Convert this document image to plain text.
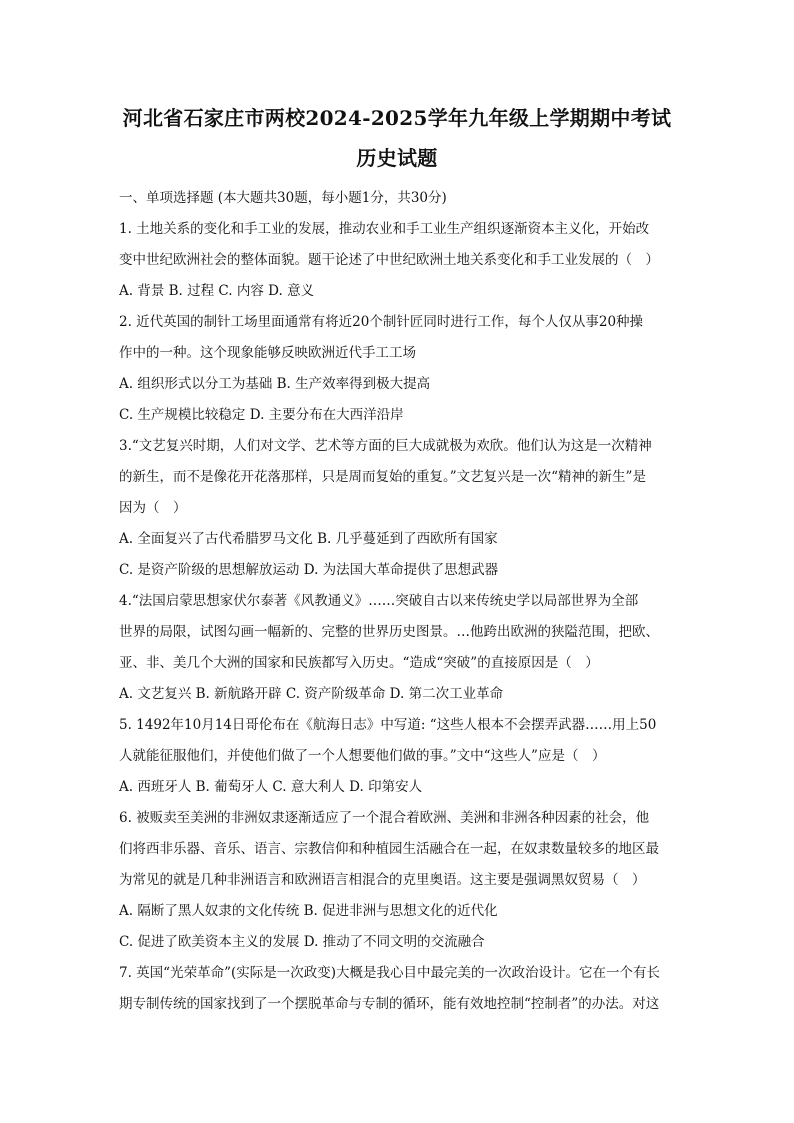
河北省石家庄市两校2024-2025学年九年级上学期期中考试
历史试题
一、单项选择题 (本大题共30题，每小题1分，共30分)
1. 土地关系的变化和手工业的发展，推动农业和手工业生产组织逐渐资本主义化，开始改
变中世纪欧洲社会的整体面貌。题干论述了中世纪欧洲土地关系变化和手工业发展的（　）
A. 背景 B. 过程 C. 内容 D. 意义
2. 近代英国的制针工场里面通常有将近20个制针匠同时进行工作，每个人仅从事20种操
作中的一种。这个现象能够反映欧洲近代手工工场
A. 组织形式以分工为基础 B. 生产效率得到极大提高
C. 生产规模比较稳定 D. 主要分布在大西洋沿岸
3.“文艺复兴时期，人们对文学、艺术等方面的巨大成就极为欢欣。他们认为这是一次精神
的新生，而不是像花开花落那样，只是周而复始的重复。”文艺复兴是一次“精神的新生”是
因为（　）
A. 全面复兴了古代希腊罗马文化 B. 几乎蔓延到了西欧所有国家
C. 是资产阶级的思想解放运动 D. 为法国大革命提供了思想武器
4.“法国启蒙思想家伏尔泰著《风教通义》……突破自古以来传统史学以局部世界为全部
世界的局限，试图勾画一幅新的、完整的世界历史图景。…他跨出欧洲的狭隘范围，把欧、
亚、非、美几个大洲的国家和民族都写入历史。“造成“突破”的直接原因是（　）
A. 文艺复兴 B. 新航路开辟 C. 资产阶级革命 D. 第二次工业革命
5. 1492年10月14日哥伦布在《航海日志》中写道: “这些人根本不会摆弄武器……用上50
人就能征服他们，并使他们做了一个人想要他们做的事。”文中“这些人”应是（　）
A. 西班牙人 B. 葡萄牙人 C. 意大利人 D. 印第安人
6. 被贩卖至美洲的非洲奴隶逐渐适应了一个混合着欧洲、美洲和非洲各种因素的社会，他
们将西非乐器、音乐、语言、宗教信仰和种植园生活融合在一起，在奴隶数量较多的地区最
为常见的就是几种非洲语言和欧洲语言相混合的克里奥语。这主要是强调黑奴贸易（　）
A. 隔断了黑人奴隶的文化传统 B. 促进非洲与思想文化的近代化
C. 促进了欧美资本主义的发展 D. 推动了不同文明的交流融合
7. 英国“光荣革命”(实际是一次政变)大概是我心目中最完美的一次政治设计。它在一个有长
期专制传统的国家找到了一个摆脱革命与专制的循环，能有效地控制“控制者”的办法。对这
